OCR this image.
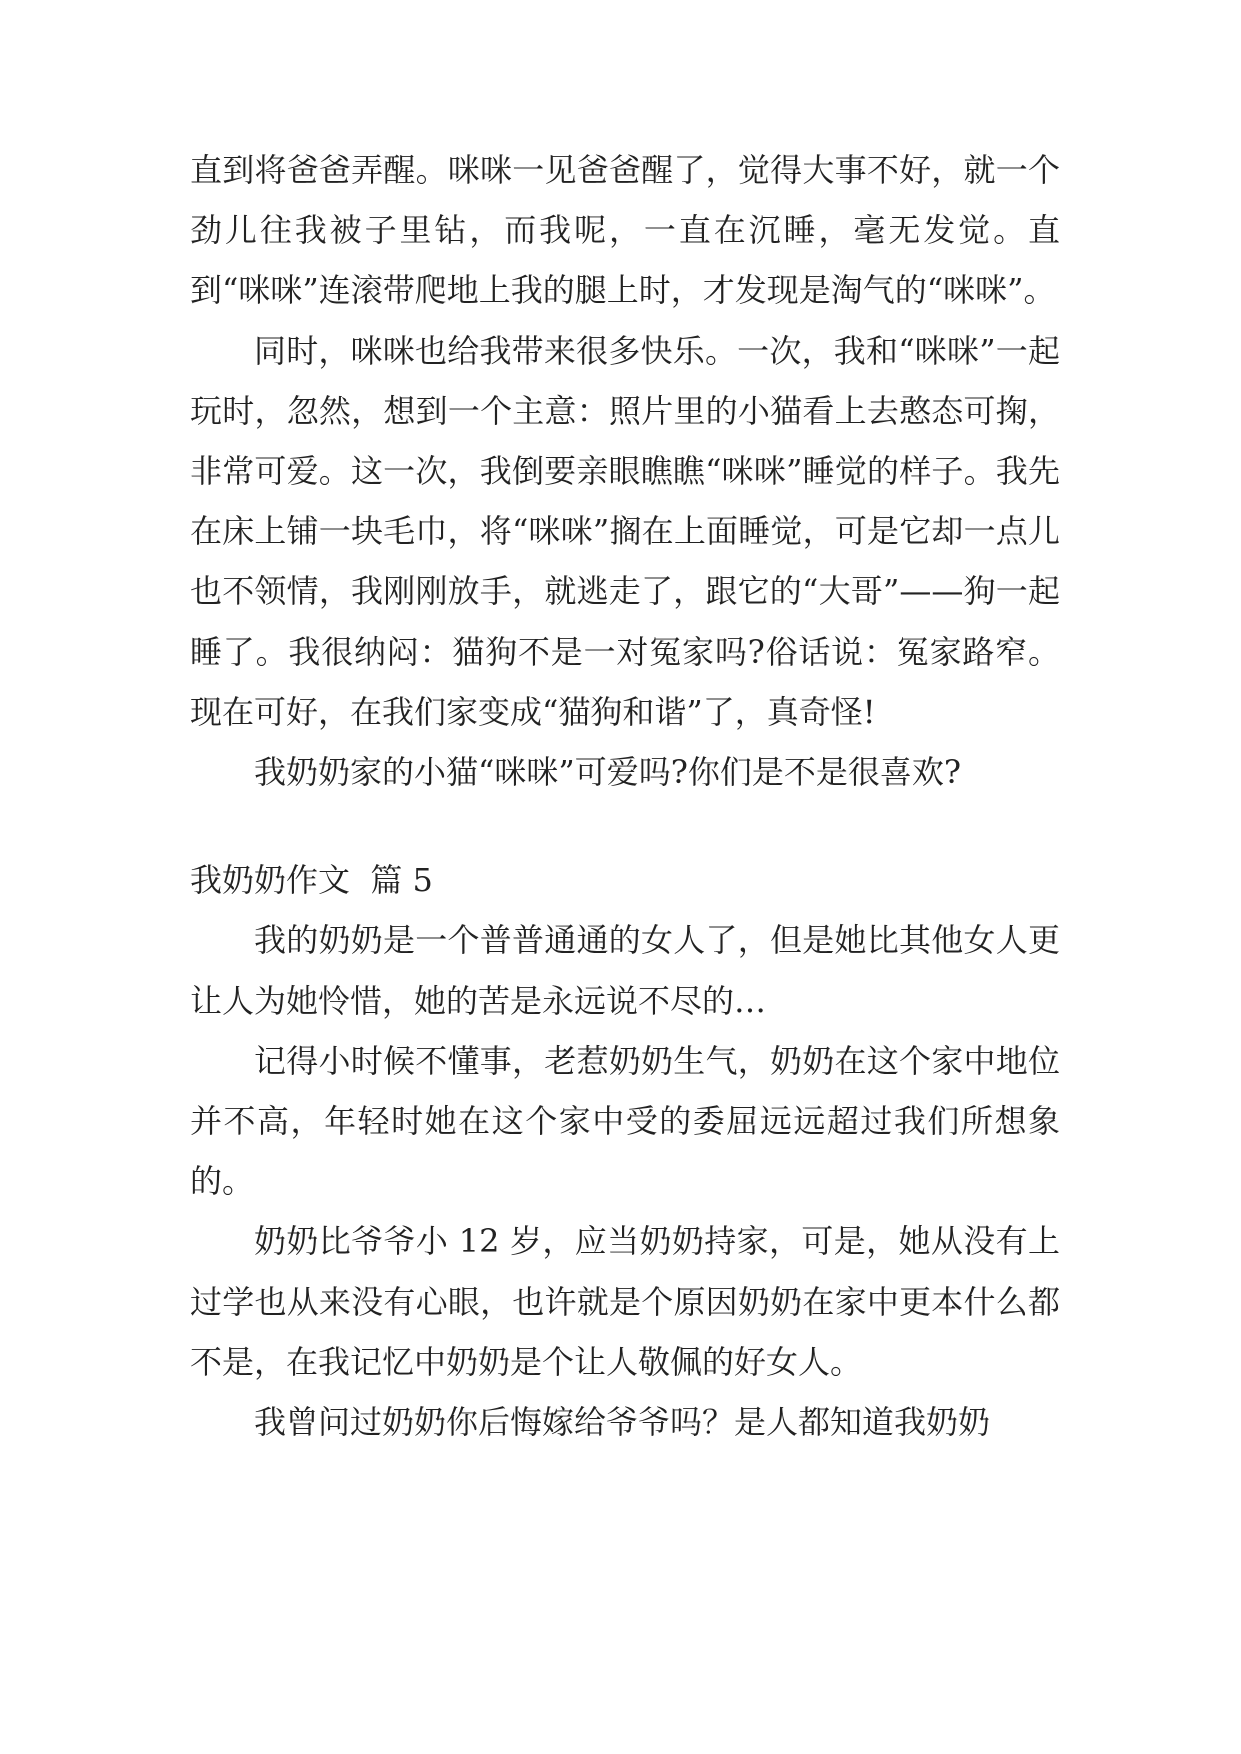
直到将爸爸弄醒。咪咪一见爸爸醒了，觉得大事不好，就一个劲儿往我被子里钻，而我呢，一直在沉睡，毫无发觉。直到“咪咪”连滚带爬地上我的腿上时，才发现是淘气的“咪咪”。

同时，咪咪也给我带来很多快乐。一次，我和“咪咪”一起玩时，忽然，想到一个主意：照片里的小猫看上去憨态可掬，非常可爱。这一次，我倒要亲眼瞧瞧“咪咪”睡觉的样子。我先在床上铺一块毛巾，将“咪咪”搁在上面睡觉，可是它却一点儿也不领情，我刚刚放手，就逃走了，跟它的“大哥”——狗一起睡了。我很纳闷：猫狗不是一对冤家吗?俗话说：冤家路窄。现在可好，在我们家变成“猫狗和谐”了，真奇怪!

我奶奶家的小猫“咪咪”可爱吗?你们是不是很喜欢?

我奶奶作文  篇 5

我的奶奶是一个普普通通的女人了，但是她比其他女人更让人为她怜惜，她的苦是永远说不尽的…

记得小时候不懂事，老惹奶奶生气，奶奶在这个家中地位并不高，年轻时她在这个家中受的委屈远远超过我们所想象的。

奶奶比爷爷小 12 岁，应当奶奶持家，可是，她从没有上过学也从来没有心眼，也许就是个原因奶奶在家中更本什么都不是，在我记忆中奶奶是个让人敬佩的好女人。

我曾问过奶奶你后悔嫁给爷爷吗？是人都知道我奶奶
